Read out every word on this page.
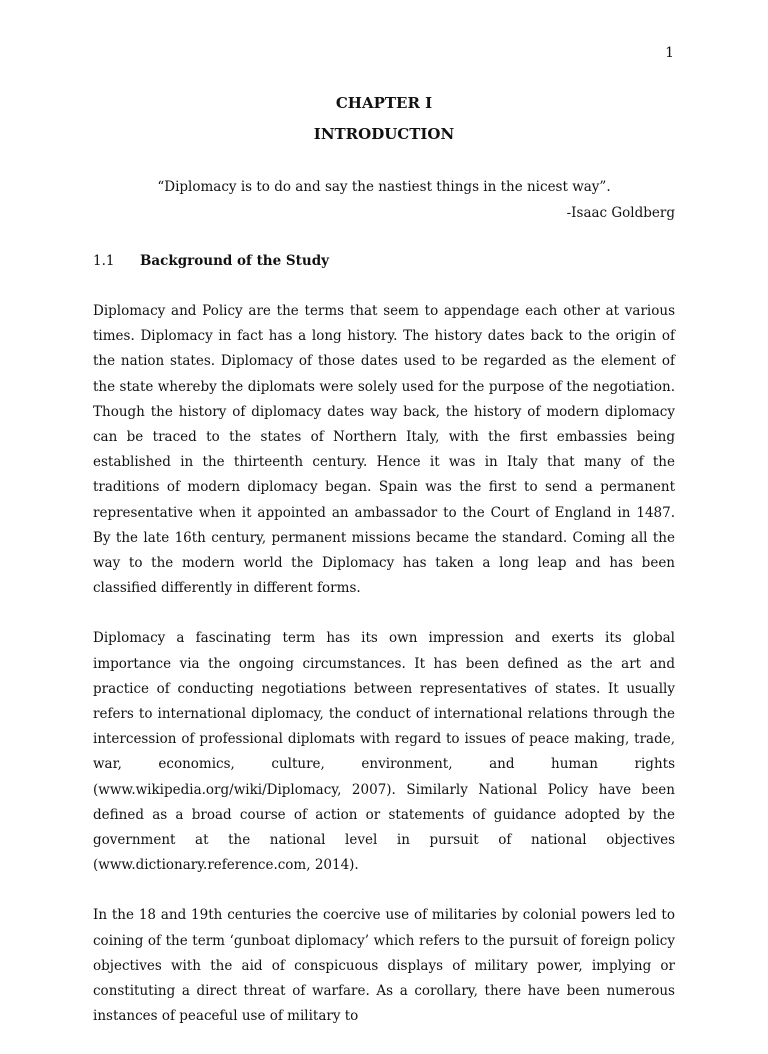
1
CHAPTER I
INTRODUCTION
“Diplomacy is to do and say the nastiest things in the nicest way”.
-Isaac Goldberg
1.1 Background of the Study

Diplomacy and Policy are the terms that seem to appendage each other at various times. Diplomacy in fact has a long history. The history dates back to the origin of the nation states. Diplomacy of those dates used to be regarded as the element of the state whereby the diplomats were solely used for the purpose of the negotiation. Though the history of diplomacy dates way back, the history of modern diplomacy can be traced to the states of Northern Italy, with the first embassies being established in the thirteenth century. Hence it was in Italy that many of the traditions of modern diplomacy began. Spain was the first to send a permanent representative when it appointed an ambassador to the Court of England in 1487. By the late 16th century, permanent missions became the standard. Coming all the way to the modern world the Diplomacy has taken a long leap and has been classified differently in different forms.

Diplomacy a fascinating term has its own impression and exerts its global importance via the ongoing circumstances. It has been defined as the art and practice of conducting negotiations between representatives of states. It usually refers to international diplomacy, the conduct of international relations through the intercession of professional diplomats with regard to issues of peace making, trade, war, economics, culture, environment, and human rights (www.wikipedia.org/wiki/Diplomacy, 2007). Similarly National Policy have been defined as a broad course of action or statements of guidance adopted by the government at the national level in pursuit of national objectives (www.dictionary.reference.com, 2014).

In the 18 and 19th centuries the coercive use of militaries by colonial powers led to coining of the term ‘gunboat diplomacy’ which refers to the pursuit of foreign policy objectives with the aid of conspicuous displays of military power, implying or constituting a direct threat of warfare. As a corollary, there have been numerous instances of peaceful use of military to
